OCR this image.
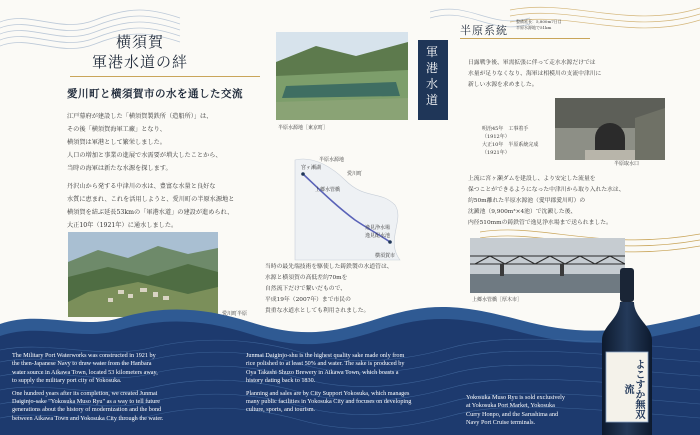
横須賀
軍港水道の絆
愛川町と横須賀市の水を通した交流
江戸幕府が建設した「横須賀製鉄所（造船所）」は、
その後「横須賀海軍工廠」となり、
横須賀は軍港として繁栄しました。
人口の増加と事業の進展で水需要が増大したことから、
当時の海軍は新たな水源を探します。
丹沢山から発する中津川の水は、豊富な水量と良好な
水質に恵まれ、これを活用しようと、愛川町の半原水源地と
横須賀を結ぶ延長53kmの「軍港水道」の建設が進められ、
大正10年（1921年）に通水しました。
愛川町半原
半原水源地［東京町］
半原水源地
宮ヶ瀬湖
愛川町
上郷水管橋
逸見浄水場
逸見配水池
横須賀市
当時の最先端技術を駆使した鋳鉄製の水道管は、
水源と横須賀の高低差約70mを
自然流下だけで繋いだもので、
平成19年（2007年）まで市民の
貴重な水道水としても利用されました。
軍
港
水
道
半原系統
整備延長：5,800m7日目
半原水源地で51km
日露戦争後、軍需拡張に伴って走水水源だけでは
水量が足りなくなり、海軍は相模川の支流中津川に
新しい水源を求めました。
明治45年　 工事着手
（1912年）
大正10年　 半原系統完成
（1921年）
半原取水口
上流に宮ヶ瀬ダムを建設し、より安定した流量を
保つことができるようになった中津川から取り入れた水は、
約50m離れた半原水源池（愛甲郡愛川町）の
沈澱池（9,900m³×4池）で沈澱した後、
内径510mmの鋳鉄管で逸見浄水場まで送られました。
上郷水管橋［厚木市］
The Military Port Waterworks was constructed in 1921 by
the then-Japanese Navy to draw water from the Hanbara
water source in Aikawa Town, located 53 kilometers away,
to supply the military port city of Yokosuka.
One hundred years after its completion, we created Junmai
Daiginjo-sake "Yokosuka Muso Ryu" as a way to tell future
generations about the history of modernization and the bond
between Aikawa Town and Yokosuka City through the water.
Junmai Daiginjo-shu is the highest quality sake made only from
rice polished to at least 50% and water. The sake is produced by
Oya Takashi Shuzo Brewery in Aikawa Town, which boasts a
history dating back to 1830.
Planning and sales are by City Support Yokosuka, which manages
many public facilities in Yokosuka City and focuses on developing
culture, sports, and tourism.
Yokosuka Muso Ryu is sold exclusively
at Yokosuka Port Market, Yokosuka
Curry Honpo, and the Sarushima and
Navy Port Cruise terminals.
よこすか無双流
